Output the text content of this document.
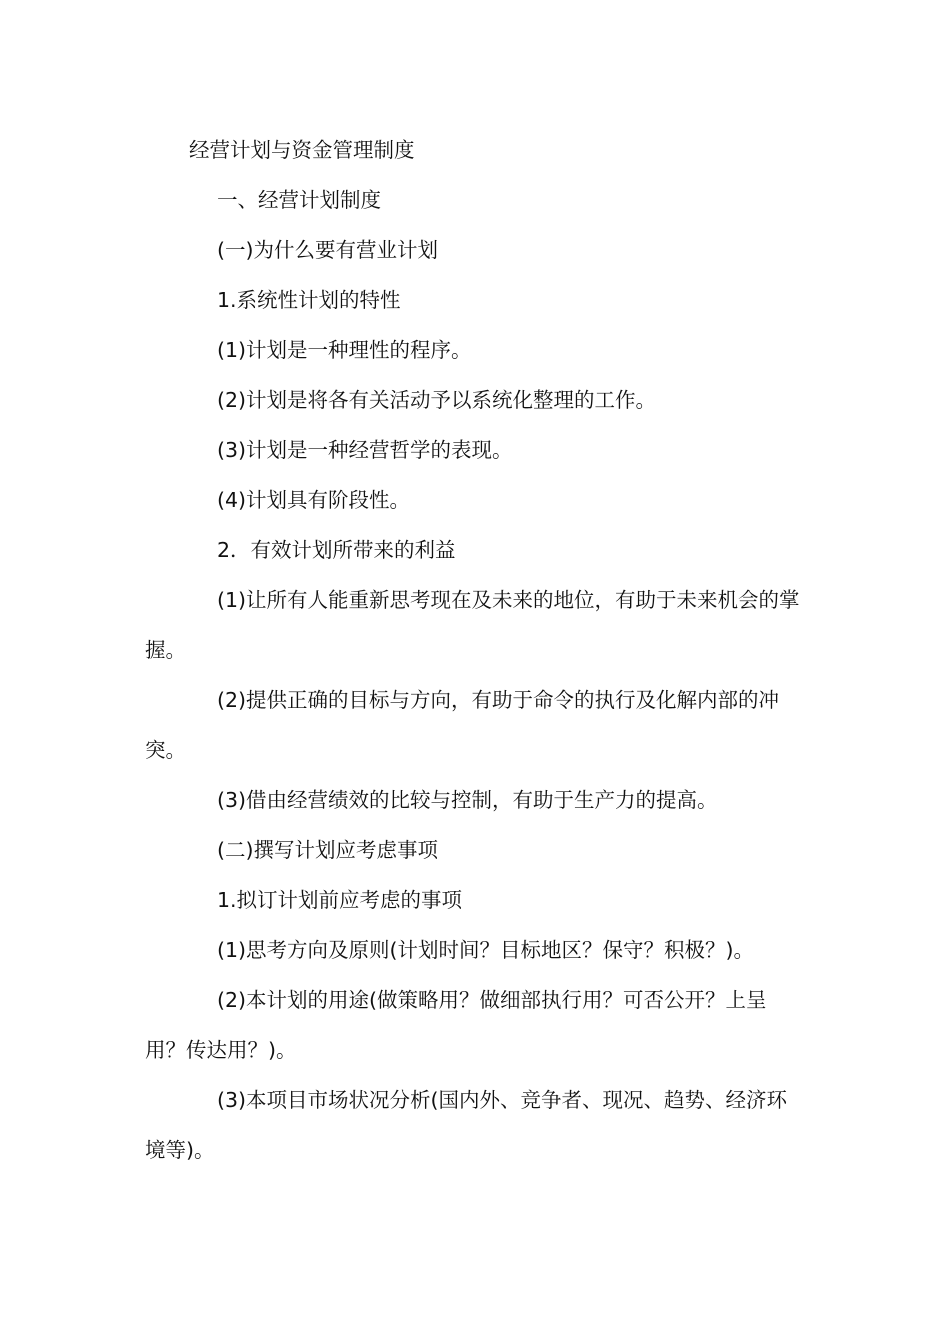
经营计划与资金管理制度

一、经营计划制度

(一)为什么要有营业计划

1.系统性计划的特性

(1)计划是一种理性的程序。

(2)计划是将各有关活动予以系统化整理的工作。

(3)计划是一种经营哲学的表现。

(4)计划具有阶段性。

2．有效计划所带来的利益

(1)让所有人能重新思考现在及未来的地位，有助于未来机会的掌握。

(2)提供正确的目标与方向，有助于命令的执行及化解内部的冲突。

(3)借由经营绩效的比较与控制，有助于生产力的提高。

(二)撰写计划应考虑事项

1.拟订计划前应考虑的事项

(1)思考方向及原则(计划时间？目标地区？保守？积极？)。

(2)本计划的用途(做策略用？做细部执行用？可否公开？上呈用？传达用？)。

(3)本项目市场状况分析(国内外、竞争者、现况、趋势、经济环境等)。
